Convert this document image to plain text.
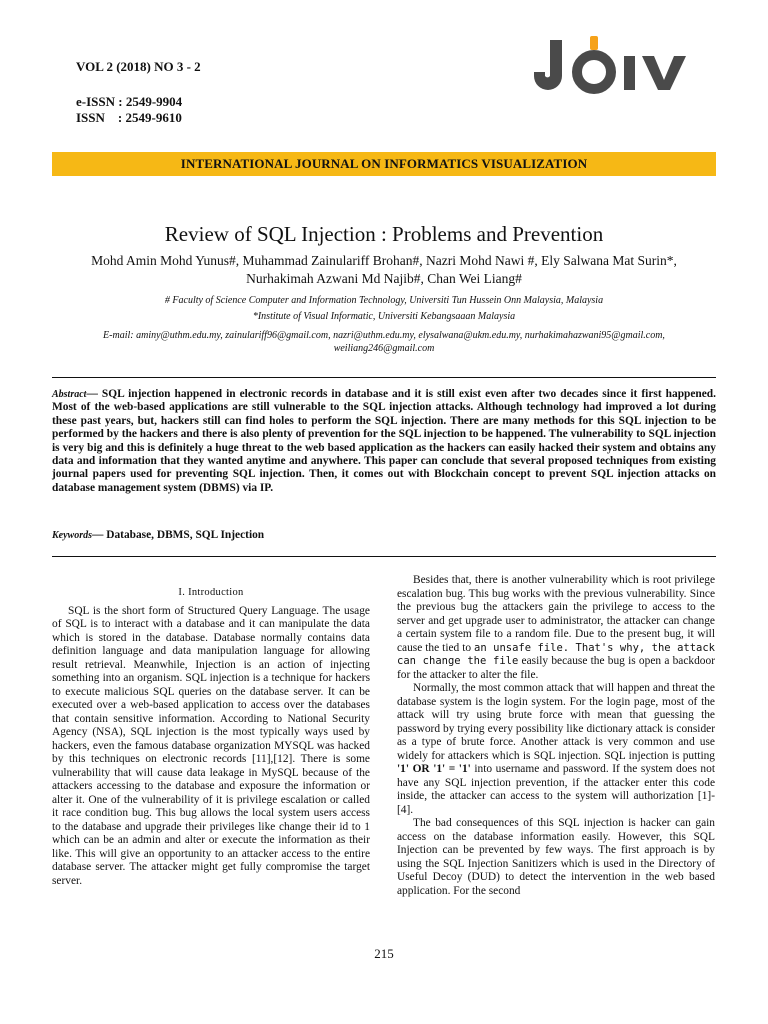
VOL 2 (2018) NO 3 - 2
e-ISSN : 2549-9904
ISSN    : 2549-9610
INTERNATIONAL JOURNAL ON INFORMATICS VISUALIZATION
Review of SQL Injection : Problems and Prevention
Mohd Amin Mohd Yunus#, Muhammad Zainulariff Brohan#, Nazri Mohd Nawi #, Ely Salwana Mat Surin*, Nurhakimah Azwani Md Najib#, Chan Wei Liang#
# Faculty of Science Computer and Information Technology, Universiti Tun Hussein Onn Malaysia, Malaysia
*Institute of Visual Informatic, Universiti Kebangsaaan Malaysia
E-mail: aminy@uthm.edu.my, zainulariff96@gmail.com, nazri@uthm.edu.my, elysalwana@ukm.edu.my, nurhakimahazwani95@gmail.com, weiliang246@gmail.com
Abstract— SQL injection happened in electronic records in database and it is still exist even after two decades since it first happened. Most of the web-based applications are still vulnerable to the SQL injection attacks. Although technology had improved a lot during these past years, but, hackers still can find holes to perform the SQL injection. There are many methods for this SQL injection to be performed by the hackers and there is also plenty of prevention for the SQL injection to be happened. The vulnerability to SQL injection is very big and this is definitely a huge threat to the web based application as the hackers can easily hacked their system and obtains any data and information that they wanted anytime and anywhere. This paper can conclude that several proposed techniques from existing journal papers used for preventing SQL injection. Then, it comes out with Blockchain concept to prevent SQL injection attacks on database management system (DBMS) via IP.
Keywords— Database, DBMS, SQL Injection
I. Introduction

SQL is the short form of Structured Query Language. The usage of SQL is to interact with a database and it can manipulate the data which is stored in the database. Database normally contains data definition language and data manipulation language for allowing result retrieval. Meanwhile, Injection is an action of injecting something into an organism. SQL injection is a technique for hackers to execute malicious SQL queries on the database server. It can be executed over a web-based application to access over the databases that contain sensitive information. According to National Security Agency (NSA), SQL injection is the most typically ways used by hackers, even the famous database organization MYSQL was hacked by this techniques on electronic records [11],[12]. There is some vulnerability that will cause data leakage in MySQL because of the attackers accessing to the database and exposure the information or alter it. One of the vulnerability of it is privilege escalation or called it race condition bug. This bug allows the local system users access to the database and upgrade their privileges like change their id to 1 which can be an admin and alter or execute the information as their like. This will give an opportunity to an attacker access to the entire database server. The attacker might get fully compromise the target server.

Besides that, there is another vulnerability which is root privilege escalation bug. This bug works with the previous vulnerability. Since the previous bug the attackers gain the privilege to access to the server and get upgrade user to administrator, the attacker can change a certain system file to a random file. Due to the present bug, it will cause the tied to an unsafe file. That's why, the attack can change the file easily because the bug is open a backdoor for the attacker to alter the file.

Normally, the most common attack that will happen and threat the database system is the login system. For the login page, most of the attack will try using brute force with mean that guessing the password by trying every possibility like dictionary attack is consider as a type of brute force. Another attack is very common and use widely for attackers which is SQL injection. SQL injection is putting '1' OR '1' = '1' into username and password. If the system does not have any SQL injection prevention, if the attacker enter this code inside, the attacker can access to the system will authorization [1]-[4].

The bad consequences of this SQL injection is hacker can gain access on the database information easily. However, this SQL Injection can be prevented by few ways. The first approach is by using the SQL Injection Sanitizers which is used in the Directory of Useful Decoy (DUD) to detect the intervention in the web based application. For the second

215
